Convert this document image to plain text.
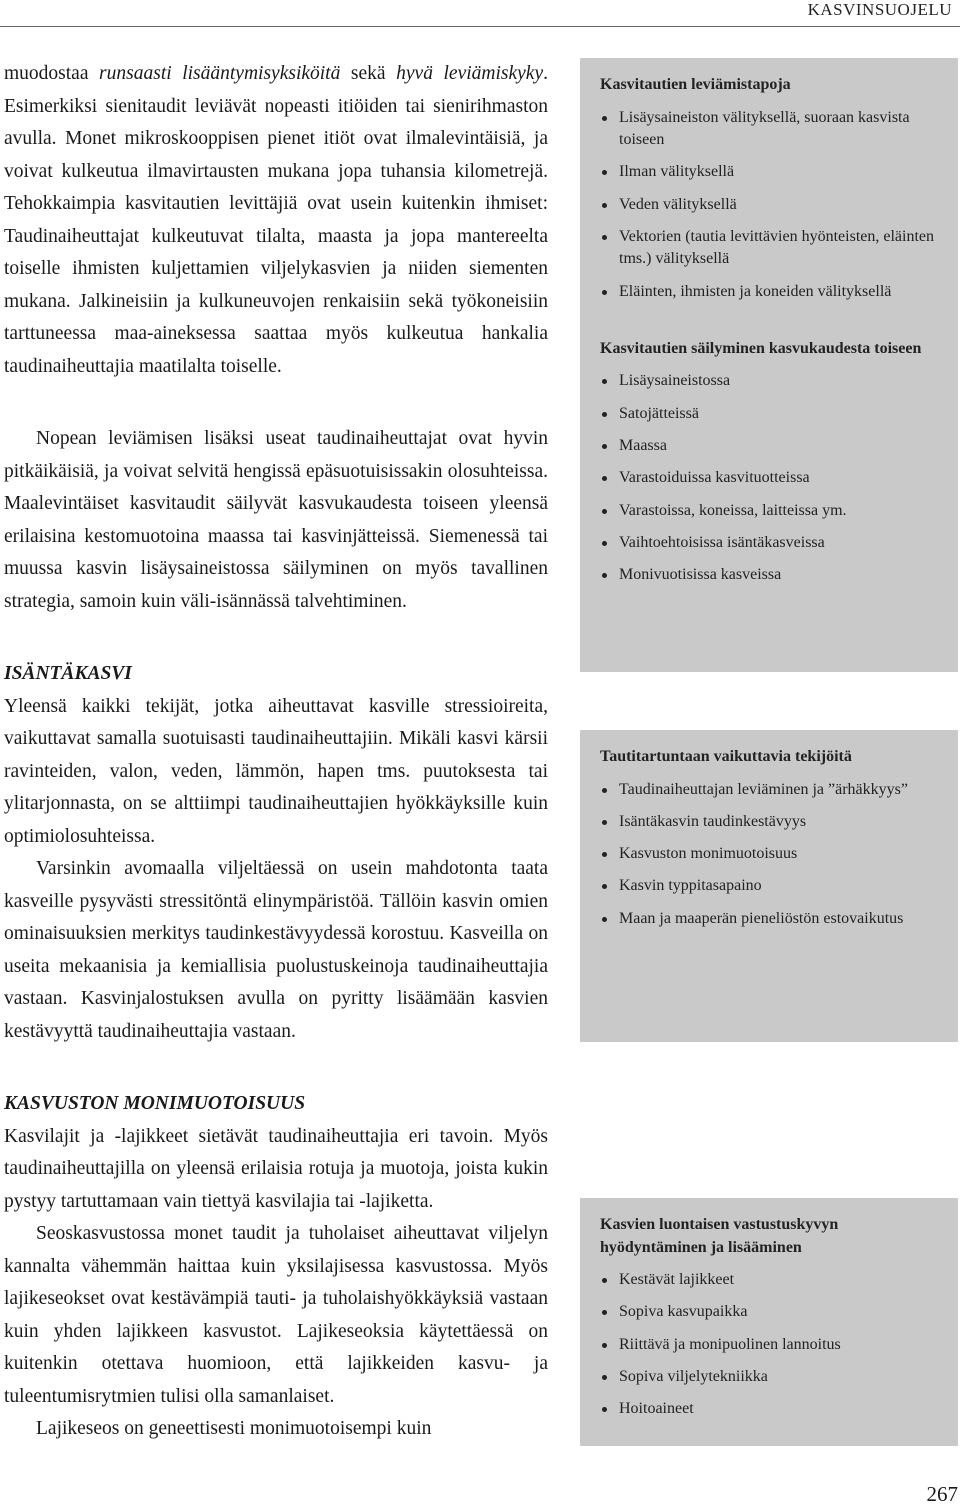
KASVINSUOJELU

muodostaa runsaasti lisääntymisyksiköitä sekä hyvä leviämiskyky. Esimerkiksi sienitaudit leviävät nopeasti itiöiden tai sienirihmaston avulla. Monet mikroskooppisen pienet itiöt ovat ilmalevintäisiä, ja voivat kulkeutua ilmavirtausten mukana jopa tuhansia kilometrejä. Tehokkaimpia kasvitautien levittäjiä ovat usein kuitenkin ihmiset: Taudinaiheuttajat kulkeutuvat tilalta, maasta ja jopa mantereelta toiselle ihmisten kuljettamien viljelykasvien ja niiden siementen mukana. Jalkineisiin ja kulkuneuvojen renkaisiin sekä työkoneisiin tarttuneessa maa-aineksessa saattaa myös kulkeutua hankalia taudinaiheuttajia maatilalta toiselle.

Nopean leviämisen lisäksi useat taudinaiheuttajat ovat hyvin pitkäikäisiä, ja voivat selvitä hengissä epäsuotuisissakin olosuhteissa. Maalevintäiset kasvitaudit säilyvät kasvukaudesta toiseen yleensä erilaisina kestomuotoina maassa tai kasvinjätteissä. Siemenessä tai muussa kasvin lisäysaineistossa säilyminen on myös tavallinen strategia, samoin kuin väli-isännässä talvehtiminen.

ISÄNTÄKASVI

Yleensä kaikki tekijät, jotka aiheuttavat kasville stressioireita, vaikuttavat samalla suotuisasti taudinaiheuttajiin. Mikäli kasvi kärsii ravinteiden, valon, veden, lämmön, hapen tms. puutoksesta tai ylitarjonnasta, on se alttiimpi taudinaiheuttajien hyökkäyksille kuin optimiolosuhteissa.

Varsinkin avomaalla viljeltäessä on usein mahdotonta taata kasveille pysyvästi stressitöntä elinympäristöä. Tällöin kasvin omien ominaisuuksien merkitys taudinkestävyydessä korostuu. Kasveilla on useita mekaanisia ja kemiallisia puolustuskeinoja taudinaiheuttajia vastaan. Kasvinjalostuksen avulla on pyritty lisäämään kasvien kestävyyttä taudinaiheuttajia vastaan.

KASVUSTON MONIMUOTOISUUS

Kasvilajit ja -lajikkeet sietävät taudinaiheuttajia eri tavoin. Myös taudinaiheuttajilla on yleensä erilaisia rotuja ja muotoja, joista kukin pystyy tartuttamaan vain tiettyä kasvilajia tai -lajiketta.

Seoskasvustossa monet taudit ja tuholaiset aiheuttavat viljelyn kannalta vähemmän haittaa kuin yksilajisessa kasvustossa. Myös lajikeseokset ovat kestävämpiä tauti- ja tuholaishyökkäyksiä vastaan kuin yhden lajikkeen kasvustot. Lajikeseoksia käytettäessä on kuitenkin otettava huomioon, että lajikkeiden kasvu- ja tuleentumisrytmien tulisi olla samanlaiset.

Lajikeseos on geneettisesti monimuotoisempi kuin

Kasvitautien leviämistapoja
Lisäysaineiston välityksellä, suoraan kasvista toiseen
Ilman välityksellä
Veden välityksellä
Vektorien (tautia levittävien hyönteisten, eläinten tms.) välityksellä
Eläinten, ihmisten ja koneiden välityksellä
Kasvitautien säilyminen kasvukaudesta toiseen
Lisäysaineistossa
Satojätteissä
Maassa
Varastoiduissa kasvituotteissa
Varastoissa, koneissa, laitteissa ym.
Vaihtoehtoisissa isäntäkasveissa
Monivuotisissa kasveissa
Tautitartuntaan vaikuttavia tekijöitä
Taudinaiheuttajan leviäminen ja ”ärhäkkyys”
Isäntäkasvin taudinkestävyys
Kasvuston monimuotoisuus
Kasvin typpitasapaino
Maan ja maaperän pieneliöstön estovaikutus
Kasvien luontaisen vastustuskyvyn hyödyntäminen ja lisääminen
Kestävät lajikkeet
Sopiva kasvupaikka
Riittävä ja monipuolinen lannoitus
Sopiva viljelytekniikka
Hoitoaineet
267
